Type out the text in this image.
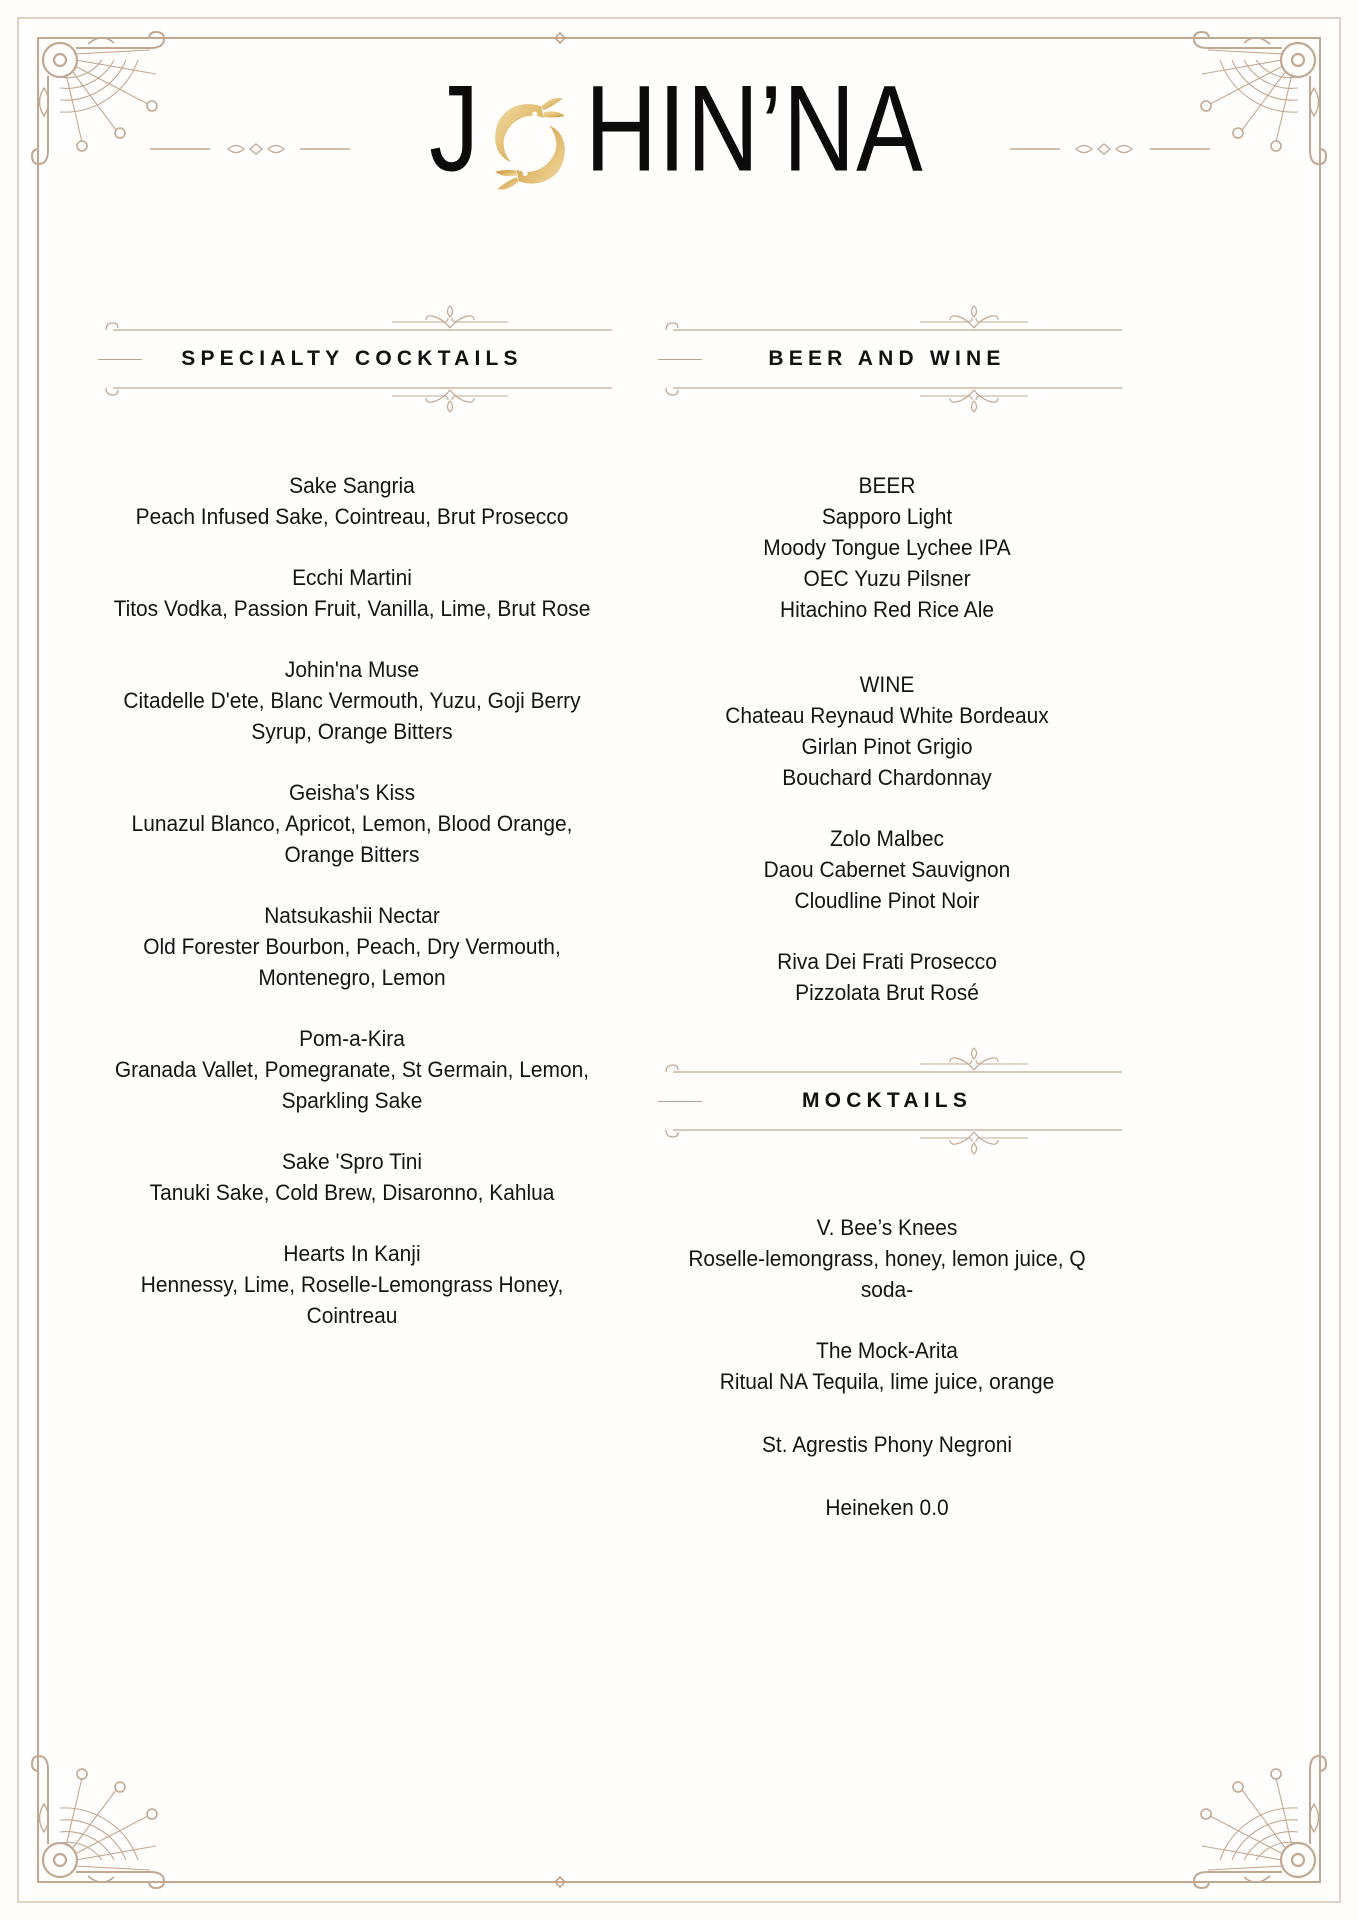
J HIN’NA
SPECIALTY COCKTAILS
Sake Sangria
Peach Infused Sake, Cointreau, Brut Prosecco
Ecchi Martini
Titos Vodka, Passion Fruit, Vanilla, Lime, Brut Rose
Johin'na Muse
Citadelle D'ete, Blanc Vermouth, Yuzu, Goji Berry Syrup, Orange Bitters
Geisha's Kiss
Lunazul Blanco, Apricot, Lemon, Blood Orange, Orange Bitters
Natsukashii Nectar
Old Forester Bourbon, Peach, Dry Vermouth, Montenegro, Lemon
Pom-a-Kira
Granada Vallet, Pomegranate, St Germain, Lemon, Sparkling Sake
Sake 'Spro Tini
Tanuki Sake, Cold Brew, Disaronno, Kahlua
Hearts In Kanji
Hennessy, Lime, Roselle-Lemongrass Honey, Cointreau
BEER AND WINE
BEER
Sapporo Light
Moody Tongue Lychee IPA
OEC Yuzu Pilsner
Hitachino Red Rice Ale
WINE
Chateau Reynaud White Bordeaux
Girlan Pinot Grigio
Bouchard Chardonnay
Zolo Malbec
Daou Cabernet Sauvignon
Cloudline Pinot Noir
Riva Dei Frati Prosecco
Pizzolata Brut Rosé
MOCKTAILS
V. Bee’s Knees
Roselle-lemongrass, honey, lemon juice, Q soda-
The Mock-Arita
Ritual NA Tequila, lime juice, orange
St. Agrestis Phony Negroni
Heineken 0.0
